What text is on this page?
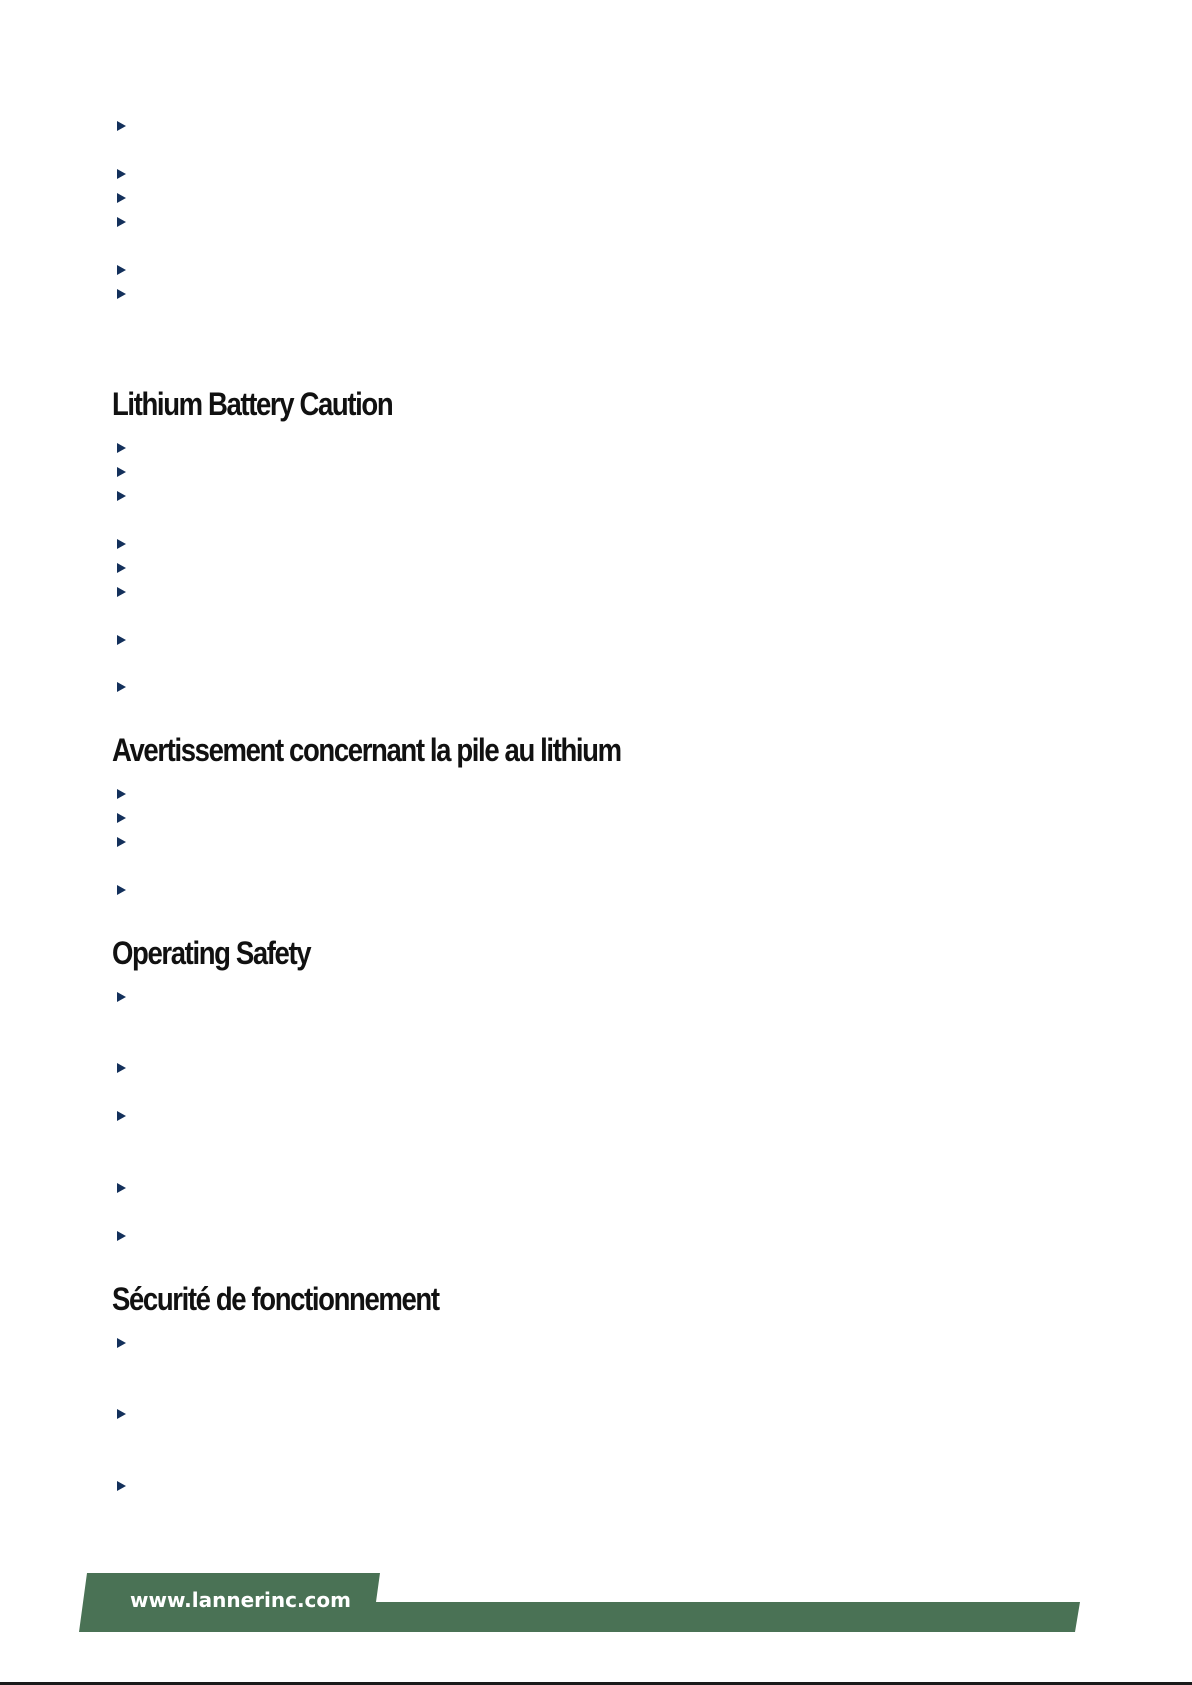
Lithium Battery Caution
Avertissement concernant la pile au lithium
Operating Safety
Sécurité de fonctionnement
www.lannerinc.com
